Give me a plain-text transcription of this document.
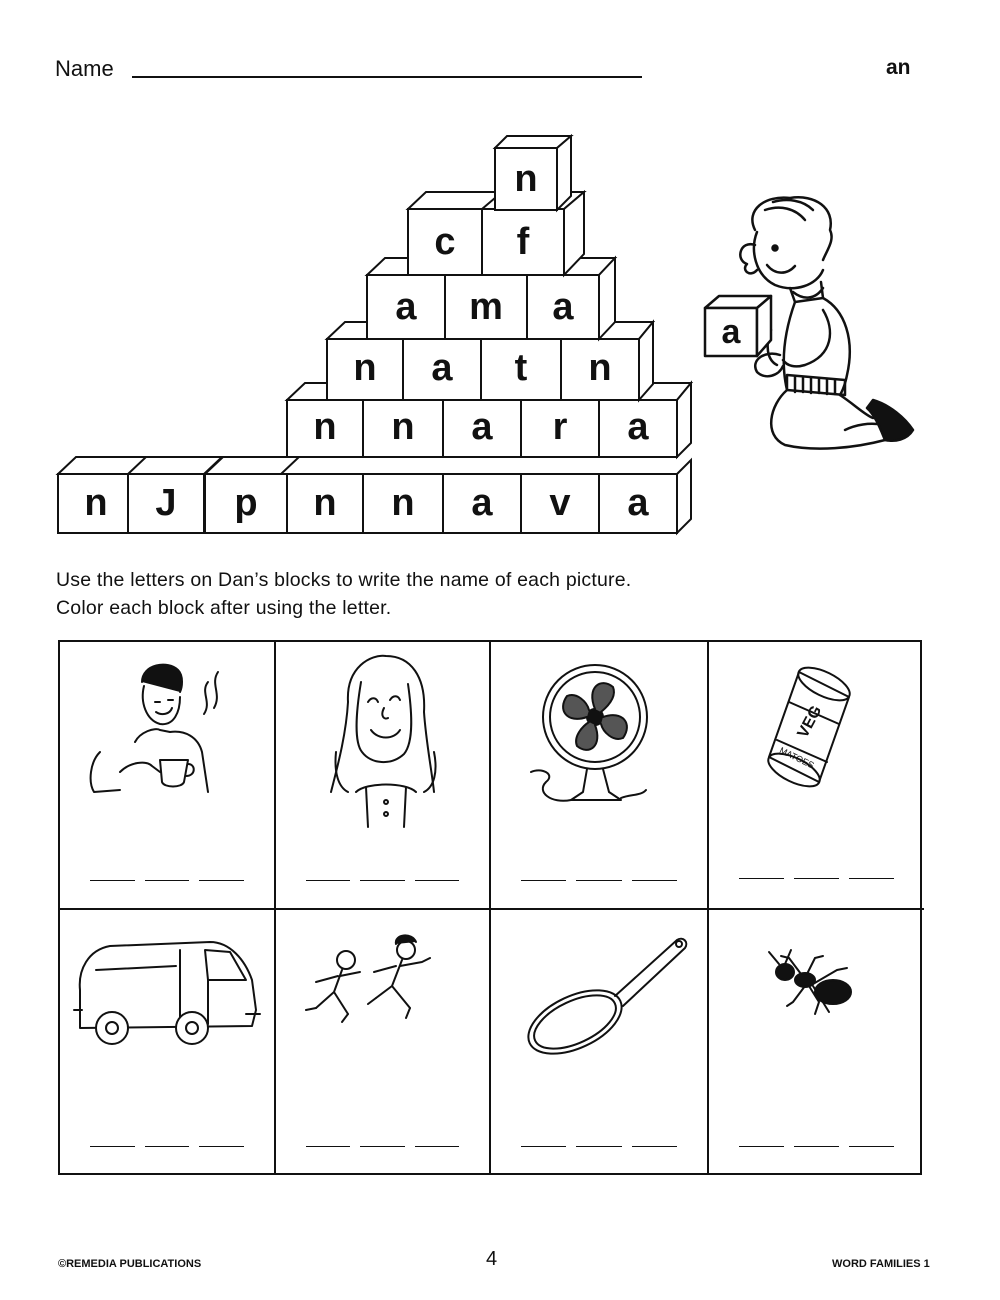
Name	an
n	J	p	n	n	a	v	a
n	n	a	r	a
n	a	t	n
a	m	a
c	f
n
a
Use the letters on Dan’s blocks to write the name of each picture.
Color each block after using the letter.
VEG
MATOES
©REMEDIA PUBLICATIONS	4	WORD FAMILIES 1
